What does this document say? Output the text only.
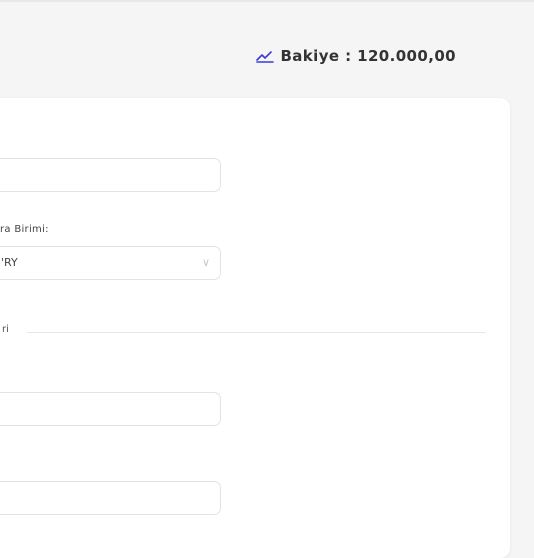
Bakiye : 120.000,00
ra Birimi:
'RY	∨
ri
